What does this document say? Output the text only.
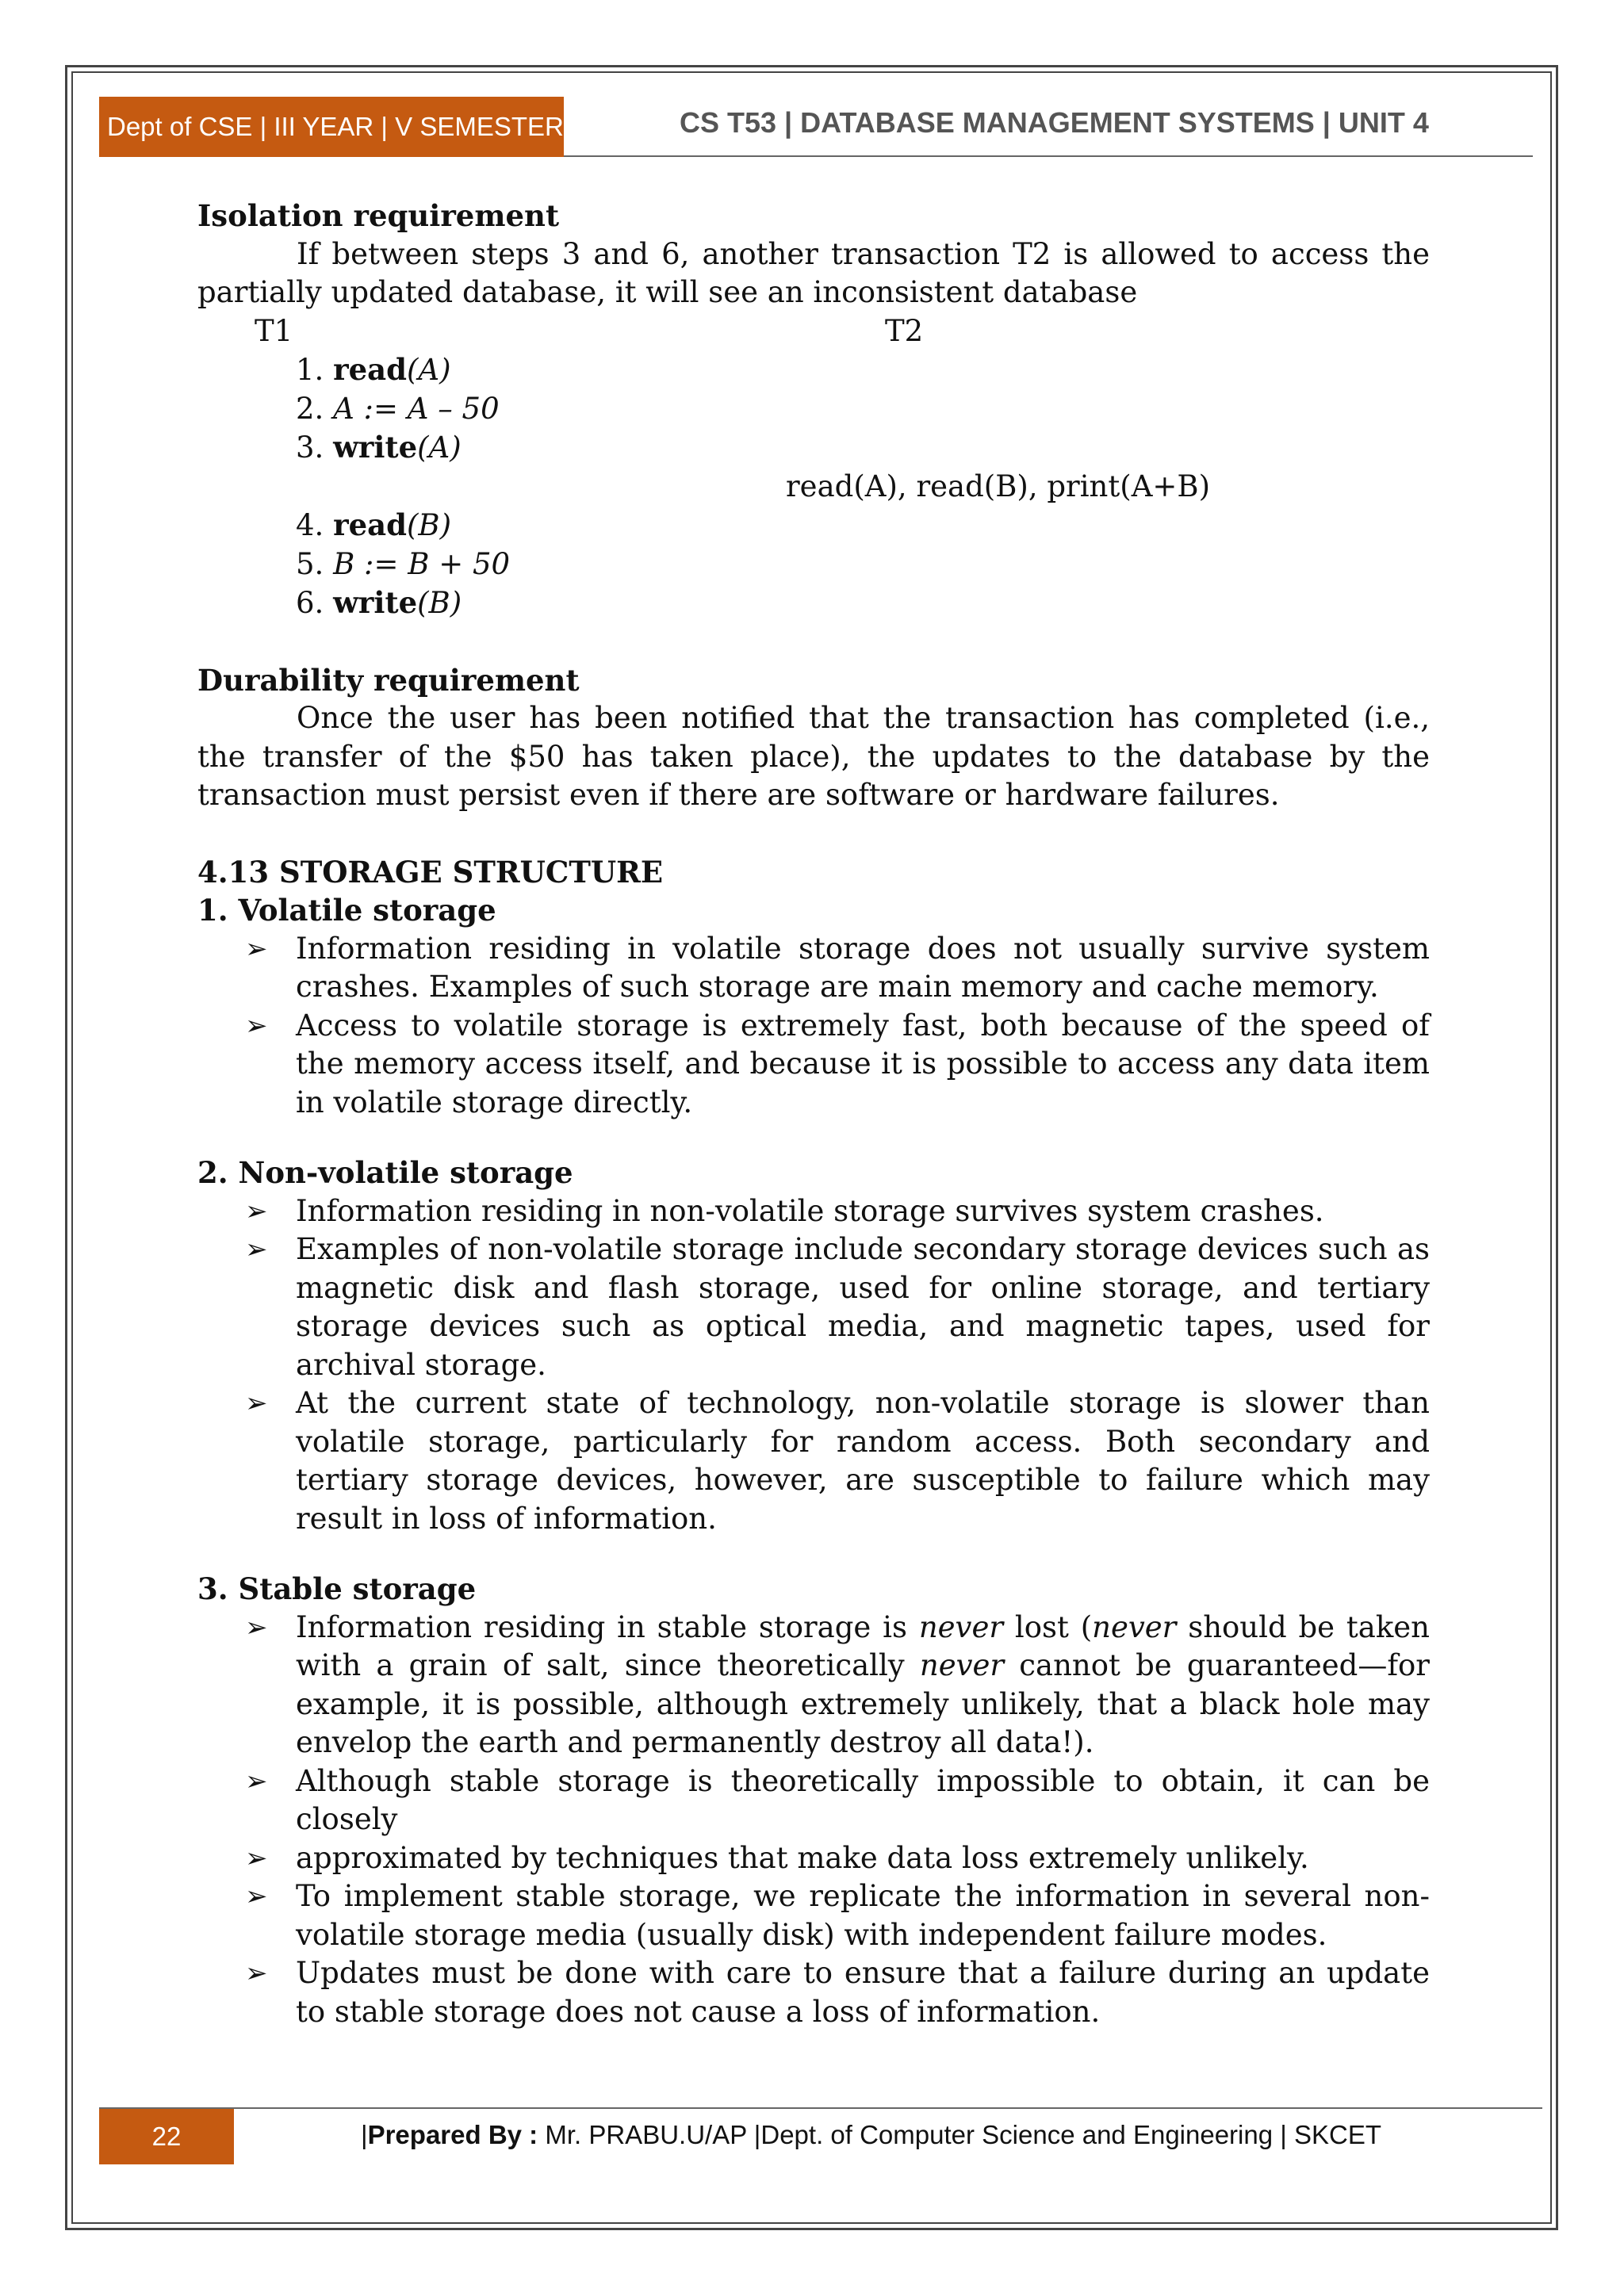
Dept of CSE | III YEAR | V SEMESTER	CS T53 | DATABASE MANAGEMENT SYSTEMS | UNIT 4

Isolation requirement

If between steps 3 and 6, another transaction T2 is allowed to access the partially updated database, it will see an inconsistent database

T1	T2
1. read(A)
2. A := A – 50
3. write(A)
read(A), read(B), print(A+B)
4. read(B)
5. B := B + 50
6. write(B)

Durability requirement

Once the user has been notified that the transaction has completed (i.e., the transfer of the $50 has taken place), the updates to the database by the transaction must persist even if there are software or hardware failures.

4.13 STORAGE STRUCTURE

1. Volatile storage

➢ Information residing in volatile storage does not usually survive system crashes. Examples of such storage are main memory and cache memory.
➢ Access to volatile storage is extremely fast, both because of the speed of the memory access itself, and because it is possible to access any data item in volatile storage directly.

2. Non-volatile storage

➢ Information residing in non-volatile storage survives system crashes.
➢ Examples of non-volatile storage include secondary storage devices such as magnetic disk and flash storage, used for online storage, and tertiary storage devices such as optical media, and magnetic tapes, used for archival storage.
➢ At the current state of technology, non-volatile storage is slower than volatile storage, particularly for random access. Both secondary and tertiary storage devices, however, are susceptible to failure which may result in loss of information.

3. Stable storage

➢ Information residing in stable storage is never lost (never should be taken with a grain of salt, since theoretically never cannot be guaranteed—for example, it is possible, although extremely unlikely, that a black hole may envelop the earth and permanently destroy all data!).
➢ Although stable storage is theoretically impossible to obtain, it can be closely
➢ approximated by techniques that make data loss extremely unlikely.
➢ To implement stable storage, we replicate the information in several non-volatile storage media (usually disk) with independent failure modes.
➢ Updates must be done with care to ensure that a failure during an update to stable storage does not cause a loss of information.
22	|Prepared By : Mr. PRABU.U/AP |Dept. of Computer Science and Engineering | SKCET
